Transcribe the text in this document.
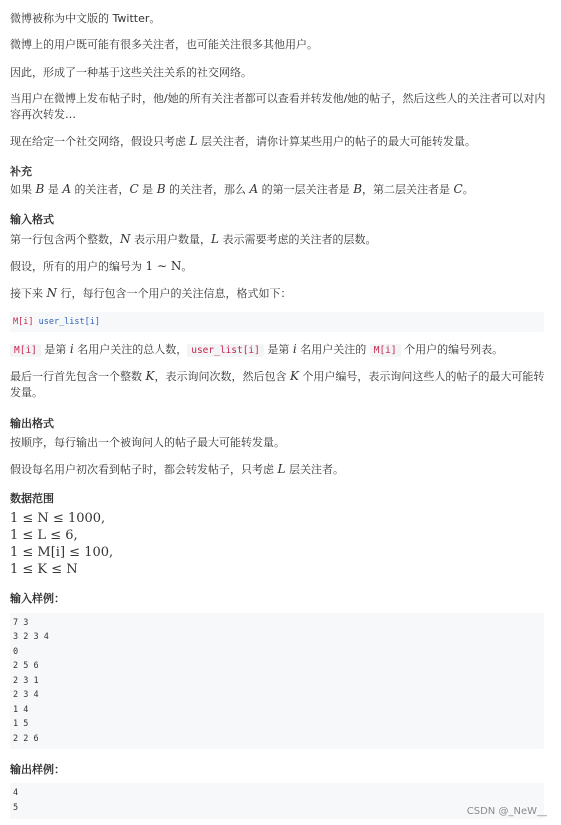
微博被称为中文版的 Twitter。

微博上的用户既可能有很多关注者，也可能关注很多其他用户。

因此，形成了一种基于这些关注关系的社交网络。

当用户在微博上发布帖子时，他/她的所有关注者都可以查看并转发他/她的帖子，然后这些人的关注者可以对内容再次转发…

现在给定一个社交网络，假设只考虑 L 层关注者，请你计算某些用户的帖子的最大可能转发量。

补充

如果 B 是 A 的关注者，C 是 B 的关注者，那么 A 的第一层关注者是 B，第二层关注者是 C。

输入格式

第一行包含两个整数，N 表示用户数量，L 表示需要考虑的关注者的层数。

假设，所有的用户的编号为 1 ∼ N。

接下来 N 行，每行包含一个用户的关注信息，格式如下：

M[i] user_list[i]

M[i] 是第 i 名用户关注的总人数， user_list[i] 是第 i 名用户关注的 M[i] 个用户的编号列表。

最后一行首先包含一个整数 K，表示询问次数，然后包含 K 个用户编号，表示询问这些人的帖子的最大可能转发量。

输出格式

按顺序，每行输出一个被询问人的帖子最大可能转发量。

假设每名用户初次看到帖子时，都会转发帖子，只考虑 L 层关注者。

数据范围
1 ≤ N ≤ 1000,
1 ≤ L ≤ 6,
1 ≤ M[i] ≤ 100,
1 ≤ K ≤ N
输入样例：
7 3
3 2 3 4
0
2 5 6
2 3 1
2 3 4
1 4
1 5
2 2 6
输出样例：
4
5	CSDN @_NeW__
